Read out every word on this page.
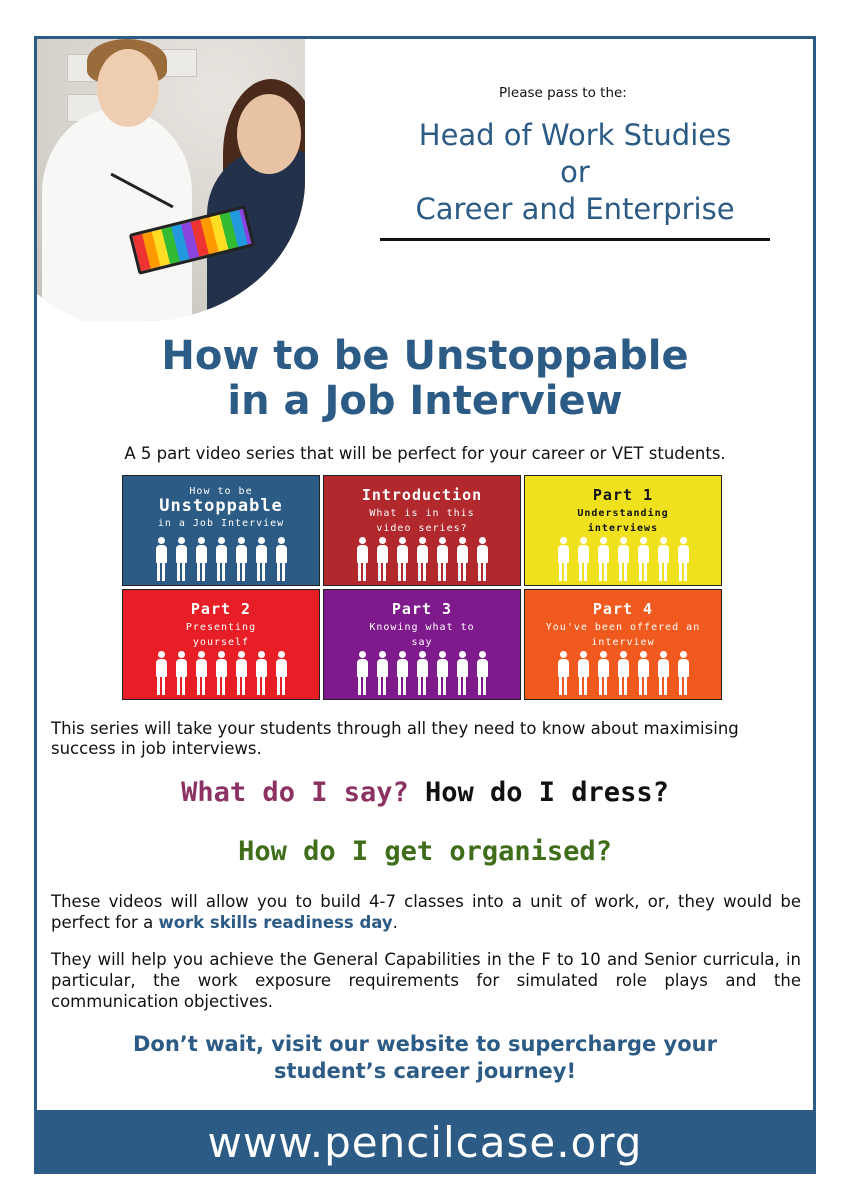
Please pass to the:
Head of Work Studies
or
Career and Enterprise
How to be Unstoppable
in a Job Interview
A 5 part video series that will be perfect for your career or VET students.
How to be
Unstoppable
in a Job Interview
Introduction
What is in this video series?
Part 1
Understanding interviews
Part 2
Presenting yourself
Part 3
Knowing what to say
Part 4
You've been offered an interview
This series will take your students through all they need to know about maximising success in job interviews.
What do I say? How do I dress?
How do I get organised?
These videos will allow you to build 4-7 classes into a unit of work, or, they would be perfect for a work skills readiness day.
They will help you achieve the General Capabilities in the F to 10 and Senior curricula, in particular, the work exposure requirements for simulated role plays and the communication objectives.
Don’t wait, visit our website to supercharge your
student’s career journey!
www.pencilcase.org
